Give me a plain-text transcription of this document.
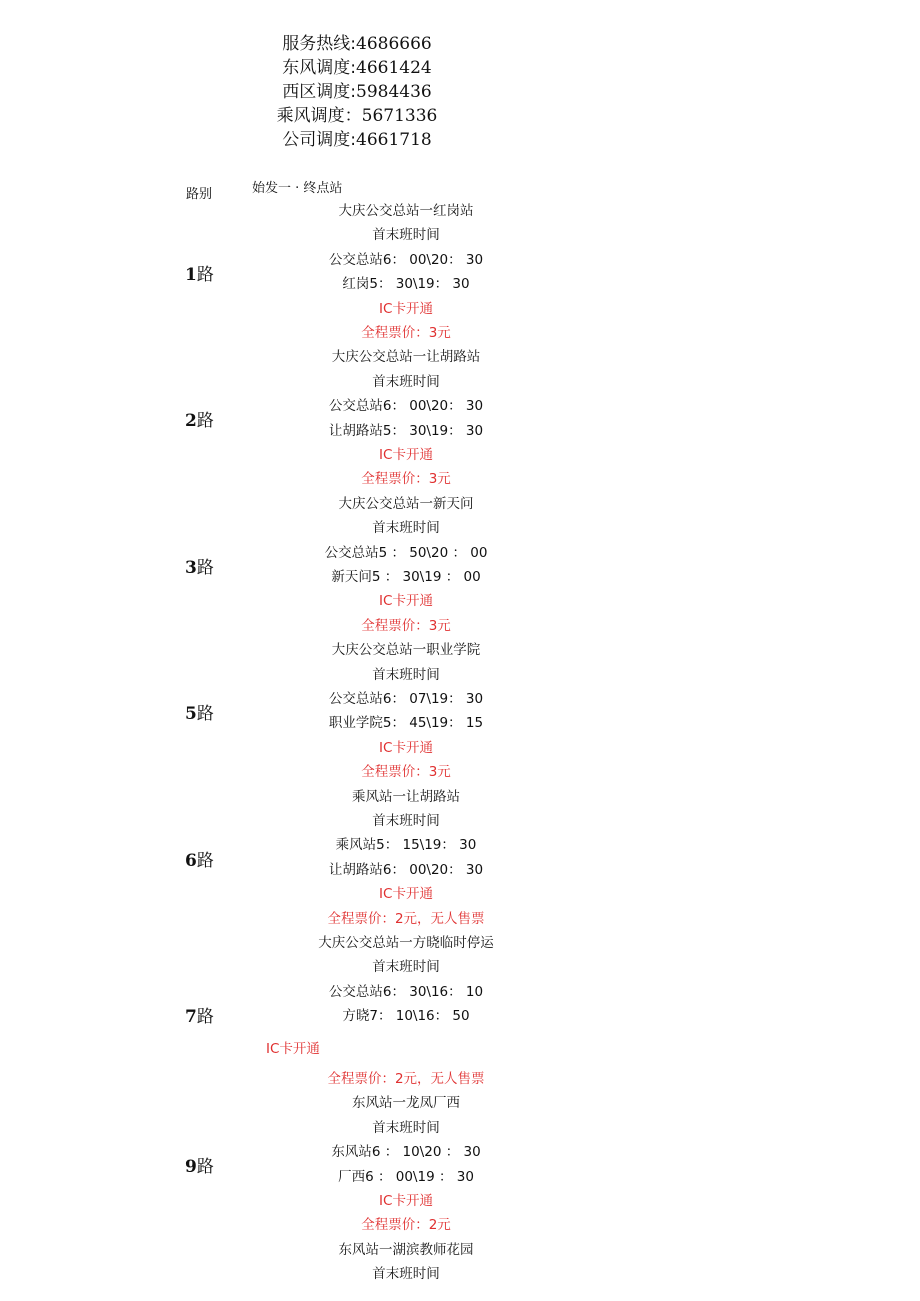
服务热线:4686666
东风调度:4661424
西区调度:5984436
乘风调度：5671336
公司调度:4661718
路别	始发一 · 终点站
大庆公交总站一红岗站
首末班时间
公交总站6： 00\20： 30
红岗5： 30\19： 30
IC卡开通
全程票价：3元
1路
大庆公交总站一让胡路站
首末班时间
公交总站6： 00\20： 30
让胡路站5： 30\19： 30
IC卡开通
全程票价：3元
2路
大庆公交总站一新天问
首末班时间
公交总站5 ： 50\20 ： 00
新天问5 ： 30\19 ： 00
IC卡开通
全程票价：3元
3路
大庆公交总站一职业学院
首末班时间
公交总站6： 07\19： 30
职业学院5： 45\19： 15
IC卡开通
全程票价：3元
5路
乘风站一让胡路站
首末班时间
乘风站5： 15\19： 30
让胡路站6： 00\20： 30
IC卡开通
全程票价：2元，无人售票
6路
大庆公交总站一方晓临时停运
首末班时间
公交总站6： 30\16： 10
方晓7： 10\16： 50
IC卡开通
全程票价：2元，无人售票
7路
东风站一龙凤厂西
首末班时间
东风站6 ： 10\20 ： 30
厂西6 ： 00\19 ： 30
IC卡开通
全程票价：2元
9路
东风站一湖滨教师花园
首末班时间
